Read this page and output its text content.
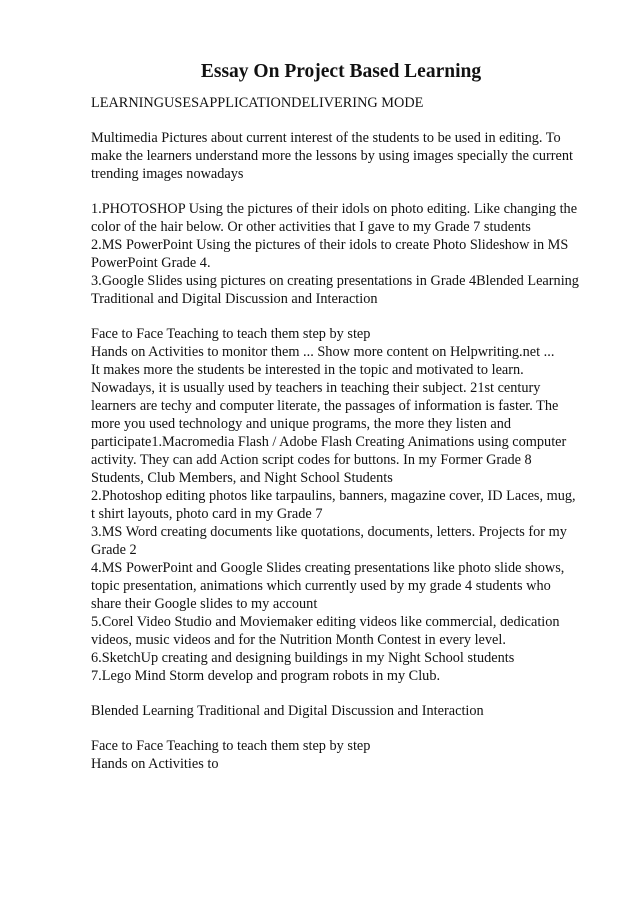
Essay On Project Based Learning
LEARNINGUSESAPPLICATIONDELIVERING MODE
Multimedia Pictures about current interest of the students to be used in editing. To
make the learners understand more the lessons by using images specially the current
trending images nowadays
1.PHOTOSHOP Using the pictures of their idols on photo editing. Like changing the
color of the hair below. Or other activities that I gave to my Grade 7 students
2.MS PowerPoint Using the pictures of their idols to create Photo Slideshow in MS
PowerPoint Grade 4.
3.Google Slides using pictures on creating presentations in Grade 4Blended Learning
Traditional and Digital Discussion and Interaction
Face to Face Teaching to teach them step by step
Hands on Activities to monitor them ... Show more content on Helpwriting.net ...
It makes more the students be interested in the topic and motivated to learn.
Nowadays, it is usually used by teachers in teaching their subject. 21st century
learners are techy and computer literate, the passages of information is faster. The
more you used technology and unique programs, the more they listen and
participate1.Macromedia Flash / Adobe Flash Creating Animations using computer
activity. They can add Action script codes for buttons. In my Former Grade 8
Students, Club Members, and Night School Students
2.Photoshop editing photos like tarpaulins, banners, magazine cover, ID Laces, mug,
t shirt layouts, photo card in my Grade 7
3.MS Word creating documents like quotations, documents, letters. Projects for my
Grade 2
4.MS PowerPoint and Google Slides creating presentations like photo slide shows,
topic presentation, animations which currently used by my grade 4 students who
share their Google slides to my account
5.Corel Video Studio and Moviemaker editing videos like commercial, dedication
videos, music videos and for the Nutrition Month Contest in every level.
6.SketchUp creating and designing buildings in my Night School students
7.Lego Mind Storm develop and program robots in my Club.
Blended Learning Traditional and Digital Discussion and Interaction
Face to Face Teaching to teach them step by step
Hands on Activities to
